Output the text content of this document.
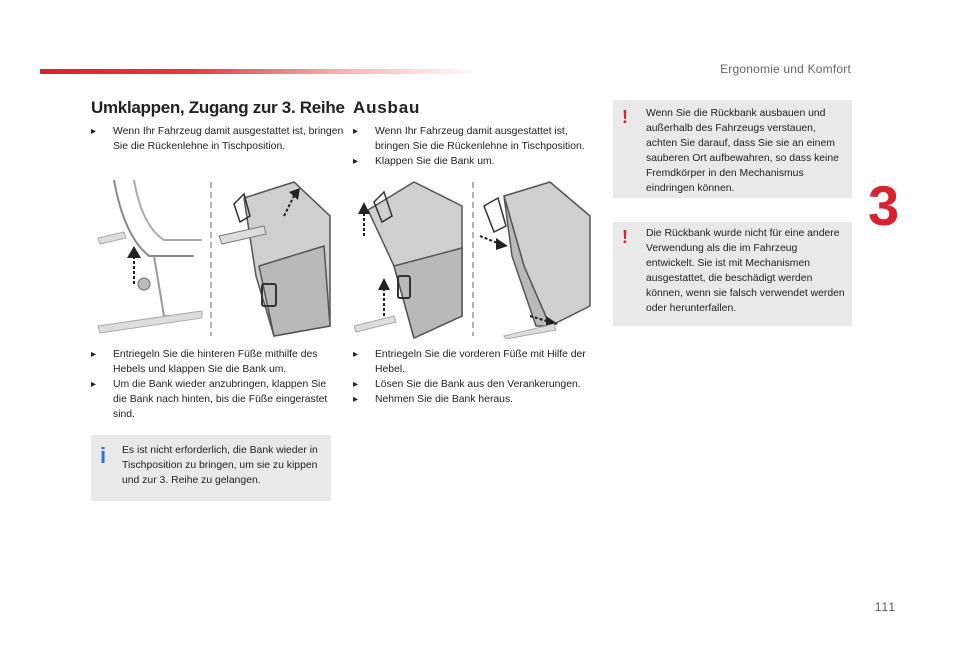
Ergonomie und Komfort
3
Umklappen, Zugang zur 3. Reihe
▸ Wenn Ihr Fahrzeug damit ausgestattet ist, bringen Sie die Rückenlehne in Tischposition.
▸ Entriegeln Sie die hinteren Füße mithilfe des Hebels und klappen Sie die Bank um.
▸ Um die Bank wieder anzubringen, klappen Sie die Bank nach hinten, bis die Füße eingerastet sind.
i Es ist nicht erforderlich, die Bank wieder in Tischposition zu bringen, um sie zu kippen und zur 3. Reihe zu gelangen.
Ausbau
▸ Wenn Ihr Fahrzeug damit ausgestattet ist, bringen Sie die Rückenlehne in Tischposition.
▸ Klappen Sie die Bank um.
▸ Entriegeln Sie die vorderen Füße mit Hilfe der Hebel.
▸ Lösen Sie die Bank aus den Verankerungen.
▸ Nehmen Sie die Bank heraus.
! Wenn Sie die Rückbank ausbauen und außerhalb des Fahrzeugs verstauen, achten Sie darauf, dass Sie sie an einem sauberen Ort aufbewahren, so dass keine Fremdkörper in den Mechanismus eindringen können.
! Die Rückbank wurde nicht für eine andere Verwendung als die im Fahrzeug entwickelt. Sie ist mit Mechanismen ausgestattet, die beschädigt werden können, wenn sie falsch verwendet werden oder herunterfallen.
111
